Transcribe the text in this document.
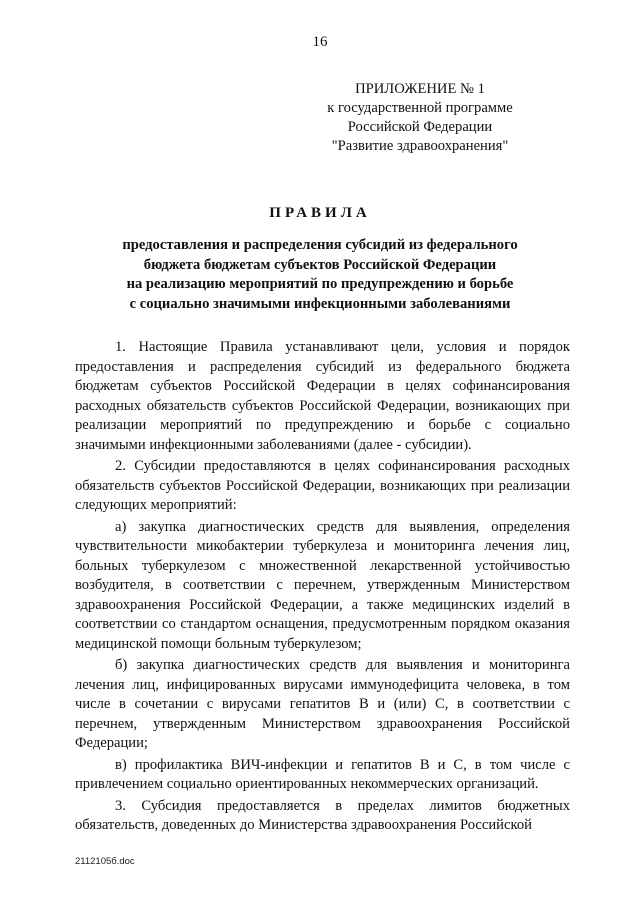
16
ПРИЛОЖЕНИЕ № 1
к государственной программе
Российской Федерации
"Развитие здравоохранения"
ПРАВИЛА
предоставления и распределения субсидий из федерального
бюджета бюджетам субъектов Российской Федерации
на реализацию мероприятий по предупреждению и борьбе
с социально значимыми инфекционными заболеваниями

1. Настоящие Правила устанавливают цели, условия и порядок предоставления и распределения субсидий из федерального бюджета бюджетам субъектов Российской Федерации в целях софинансирования расходных обязательств субъектов Российской Федерации, возникающих при реализации мероприятий по предупреждению и борьбе с социально значимыми инфекционными заболеваниями (далее - субсидии).

2. Субсидии предоставляются в целях софинансирования расходных обязательств субъектов Российской Федерации, возникающих при реализации следующих мероприятий:

а) закупка диагностических средств для выявления, определения чувствительности микобактерии туберкулеза и мониторинга лечения лиц, больных туберкулезом с множественной лекарственной устойчивостью возбудителя, в соответствии с перечнем, утвержденным Министерством здравоохранения Российской Федерации, а также медицинских изделий в соответствии со стандартом оснащения, предусмотренным порядком оказания медицинской помощи больным туберкулезом;

б) закупка диагностических средств для выявления и мониторинга лечения лиц, инфицированных вирусами иммунодефицита человека, в том числе в сочетании с вирусами гепатитов В и (или) С, в соответствии с перечнем, утвержденным Министерством здравоохранения Российской Федерации;

в) профилактика ВИЧ-инфекции и гепатитов В и С, в том числе с привлечением социально ориентированных некоммерческих организаций.

3. Субсидия предоставляется в пределах лимитов бюджетных обязательств, доведенных до Министерства здравоохранения Российской

2112105б.doc
